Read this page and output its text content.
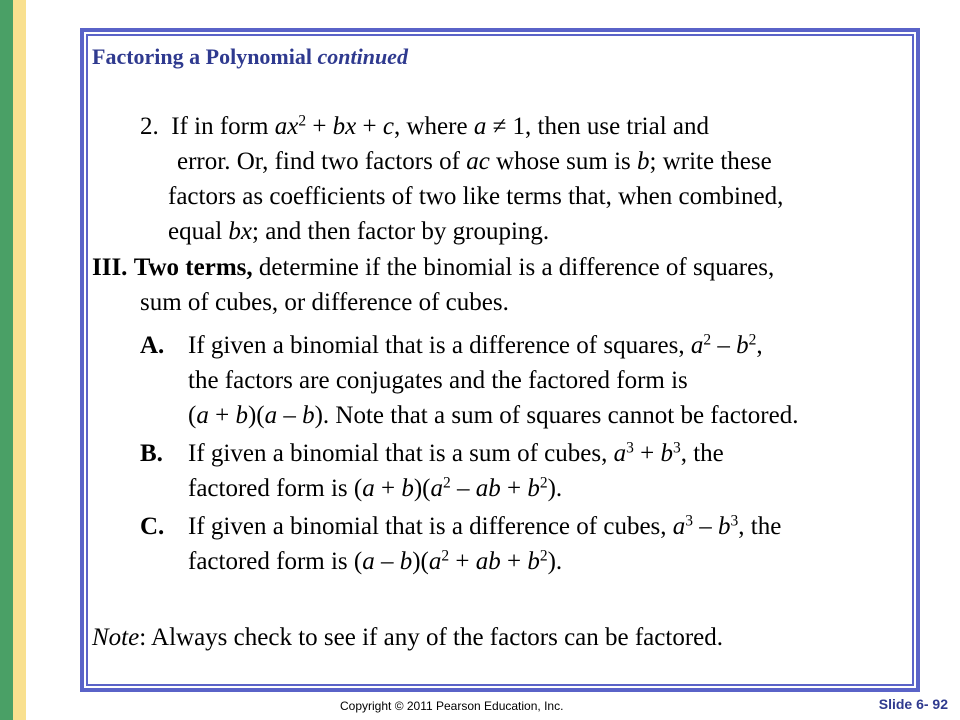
Factoring a Polynomial continued
2. If in form $ax^2$ + bx + c, where a ≠ 1, then use trial and
error. Or, find two factors of ac whose sum is b; write these
factors as coefficients of two like terms that, when combined,
equal bx; and then factor by grouping.
III. Two terms, determine if the binomial is a difference of squares,
sum of cubes, or difference of cubes.
A. If given a binomial that is a difference of squares, $a^2 - b^2$,
the factors are conjugates and the factored form is
(a + b)(a – b). Note that a sum of squares cannot be factored.
B. If given a binomial that is a sum of cubes, $a^3 + b^3$, the
factored form is $(a + b)(a^2$ – ab + $b^2$).
C. If given a binomial that is a difference of cubes, $a^3 - b^3$, the
factored form is $(a - b)(a^2$ + ab + $b^2$).
Note: Always check to see if any of the factors can be factored.
Copyright © 2011 Pearson Education, Inc.	Slide 6- 92
